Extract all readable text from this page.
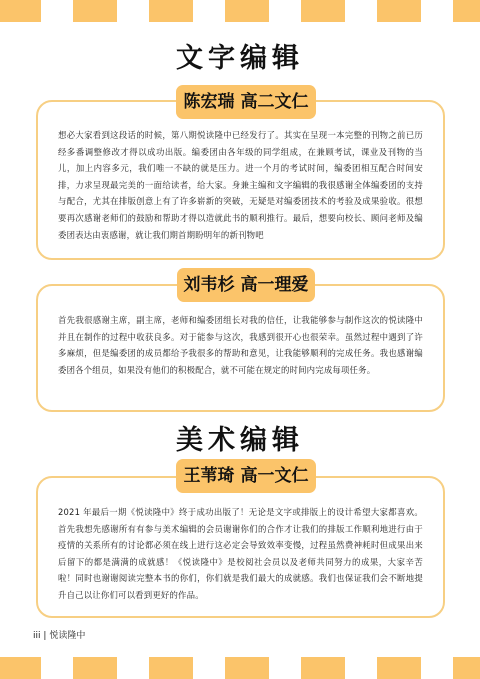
文字编辑

想必大家看到这段话的时候，第八期悦读隆中已经发行了。其实在呈现一本完整的刊物之前已历经多番调整修改才得以成功出版。编委团由各年级的同学组成，在兼顾考试，课业及刊物的当儿，加上内容多元，我们唯一不缺的就是压力。进一个月的考试时间，编委团相互配合时间安排，力求呈现最完美的一面给读者，给大家。身兼主编和文字编辑的我很感谢全体编委团的支持与配合，尤其在排版创意上有了许多崭新的突破，无疑是对编委团技术的考验及成果验收。很想要再次感谢老师们的鼓励和帮助才得以造就此书的顺利推行。最后，想要向校长、顾问老师及编委团表达由衷感谢，就让我们期首期盼明年的新刊物吧

陈宏瑞 高二文仁

首先我很感谢主席，副主席，老师和编委团组长对我的信任，让我能够参与制作这次的悦读隆中并且在制作的过程中收获良多。对于能参与这次，我感到很开心也很荣幸。虽然过程中遇到了许多麻烦，但是编委团的成员都给予我很多的帮助和意见，让我能够顺利的完成任务。我也感谢编委团各个组员，如果没有他们的积极配合，就不可能在规定的时间内完成每项任务。

刘韦杉 高一理爱
美术编辑

2021 年最后一期《悦读隆中》终于成功出版了！无论是文字或排版上的设计希望大家都喜欢。首先我想先感谢所有有参与美术编辑的会员谢谢你们的合作才让我们的排版工作顺利地进行由于疫情的关系所有的讨论都必须在线上进行这必定会导致效率变慢，过程虽然费神耗时但成果出来后留下的都是满满的成就感！《悦读隆中》是校阅社会员以及老师共同努力的成果，大家辛苦啦！同时也谢谢阅读完整本书的你们，你们就是我们最大的成就感。我们也保证我们会不断地提升自己以让你们可以看到更好的作品。

王苇琦 高一文仁
iii | 悦读隆中
